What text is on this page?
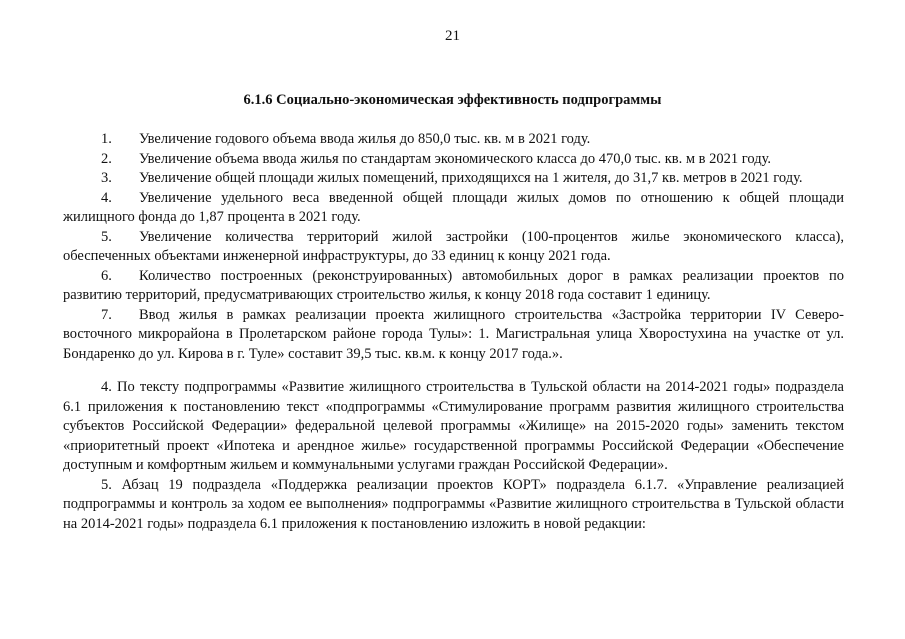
21
6.1.6 Социально-экономическая эффективность подпрограммы

1. Увеличение годового объема ввода жилья до 850,0 тыс. кв. м в 2021 году.

2. Увеличение объема ввода жилья по стандартам экономического класса до 470,0 тыс. кв. м в 2021 году.

3. Увеличение общей площади жилых помещений, приходящихся на 1 жителя, до 31,7 кв. метров в 2021 году.

4. Увеличение удельного веса введенной общей площади жилых домов по отношению к общей площади жилищного фонда до 1,87 процента в 2021 году.

5. Увеличение количества территорий жилой застройки (100-процентов жилье экономического класса), обеспеченных объектами инженерной инфраструктуры, до 33 единиц к концу 2021 года.

6. Количество построенных (реконструированных) автомобильных дорог в рамках реализации проектов по развитию территорий, предусматривающих строительство жилья, к концу 2018 года составит 1 единицу.

7. Ввод жилья в рамках реализации проекта жилищного строительства «Застройка территории IV Северо-восточного микрорайона в Пролетарском районе города Тулы»: 1. Магистральная улица Хворостухина на участке от ул. Бондаренко до ул. Кирова в г. Туле» составит 39,5 тыс. кв.м. к концу 2017 года.».

4. По тексту подпрограммы «Развитие жилищного строительства в Тульской области на 2014-2021 годы» подраздела 6.1 приложения к постановлению текст «подпрограммы «Стимулирование программ развития жилищного строительства субъектов Российской Федерации» федеральной целевой программы «Жилище» на 2015-2020 годы» заменить текстом «приоритетный проект «Ипотека и арендное жилье» государственной программы Российской Федерации «Обеспечение доступным и комфортным жильем и коммунальными услугами граждан Российской Федерации».

5. Абзац 19 подраздела «Поддержка реализации проектов КОРТ» подраздела 6.1.7. «Управление реализацией подпрограммы и контроль за ходом ее выполнения» подпрограммы «Развитие жилищного строительства в Тульской области на 2014-2021 годы» подраздела 6.1 приложения к постановлению изложить в новой редакции:
